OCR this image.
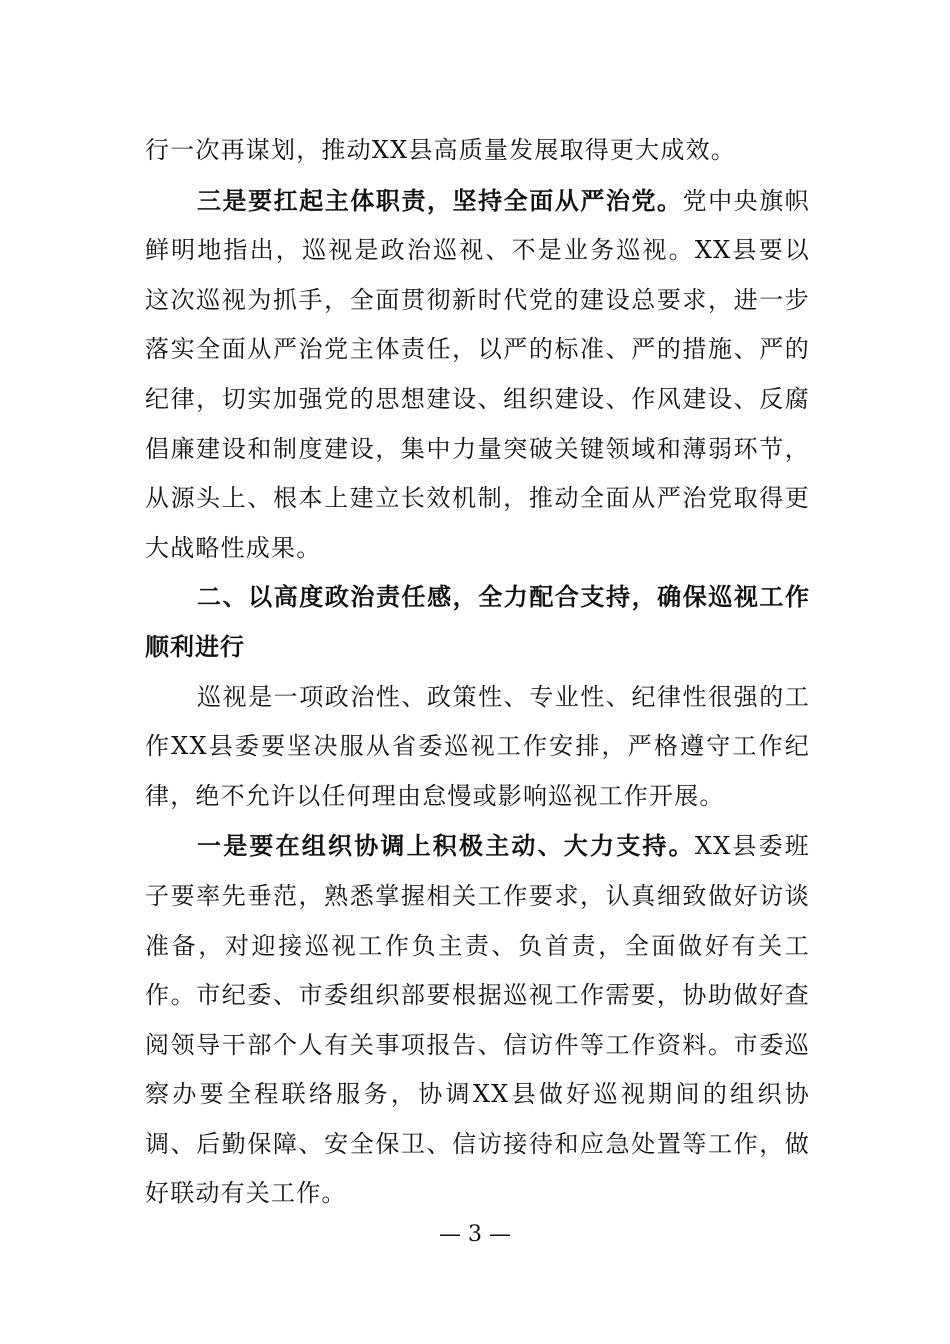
行一次再谋划，推动XX县高质量发展取得更大成效。

三是要扛起主体职责，坚持全面从严治党。党中央旗帜鲜明地指出，巡视是政治巡视、不是业务巡视。XX县要以这次巡视为抓手，全面贯彻新时代党的建设总要求，进一步落实全面从严治党主体责任，以严的标准、严的措施、严的纪律，切实加强党的思想建设、组织建设、作风建设、反腐倡廉建设和制度建设，集中力量突破关键领域和薄弱环节，从源头上、根本上建立长效机制，推动全面从严治党取得更大战略性成果。

二、以高度政治责任感，全力配合支持，确保巡视工作顺利进行

巡视是一项政治性、政策性、专业性、纪律性很强的工作XX县委要坚决服从省委巡视工作安排，严格遵守工作纪律，绝不允许以任何理由怠慢或影响巡视工作开展。

一是要在组织协调上积极主动、大力支持。XX县委班子要率先垂范，熟悉掌握相关工作要求，认真细致做好访谈准备，对迎接巡视工作负主责、负首责，全面做好有关工作。市纪委、市委组织部要根据巡视工作需要，协助做好查阅领导干部个人有关事项报告、信访件等工作资料。市委巡察办要全程联络服务，协调XX县做好巡视期间的组织协调、后勤保障、安全保卫、信访接待和应急处置等工作，做好联动有关工作。

— 3 —
